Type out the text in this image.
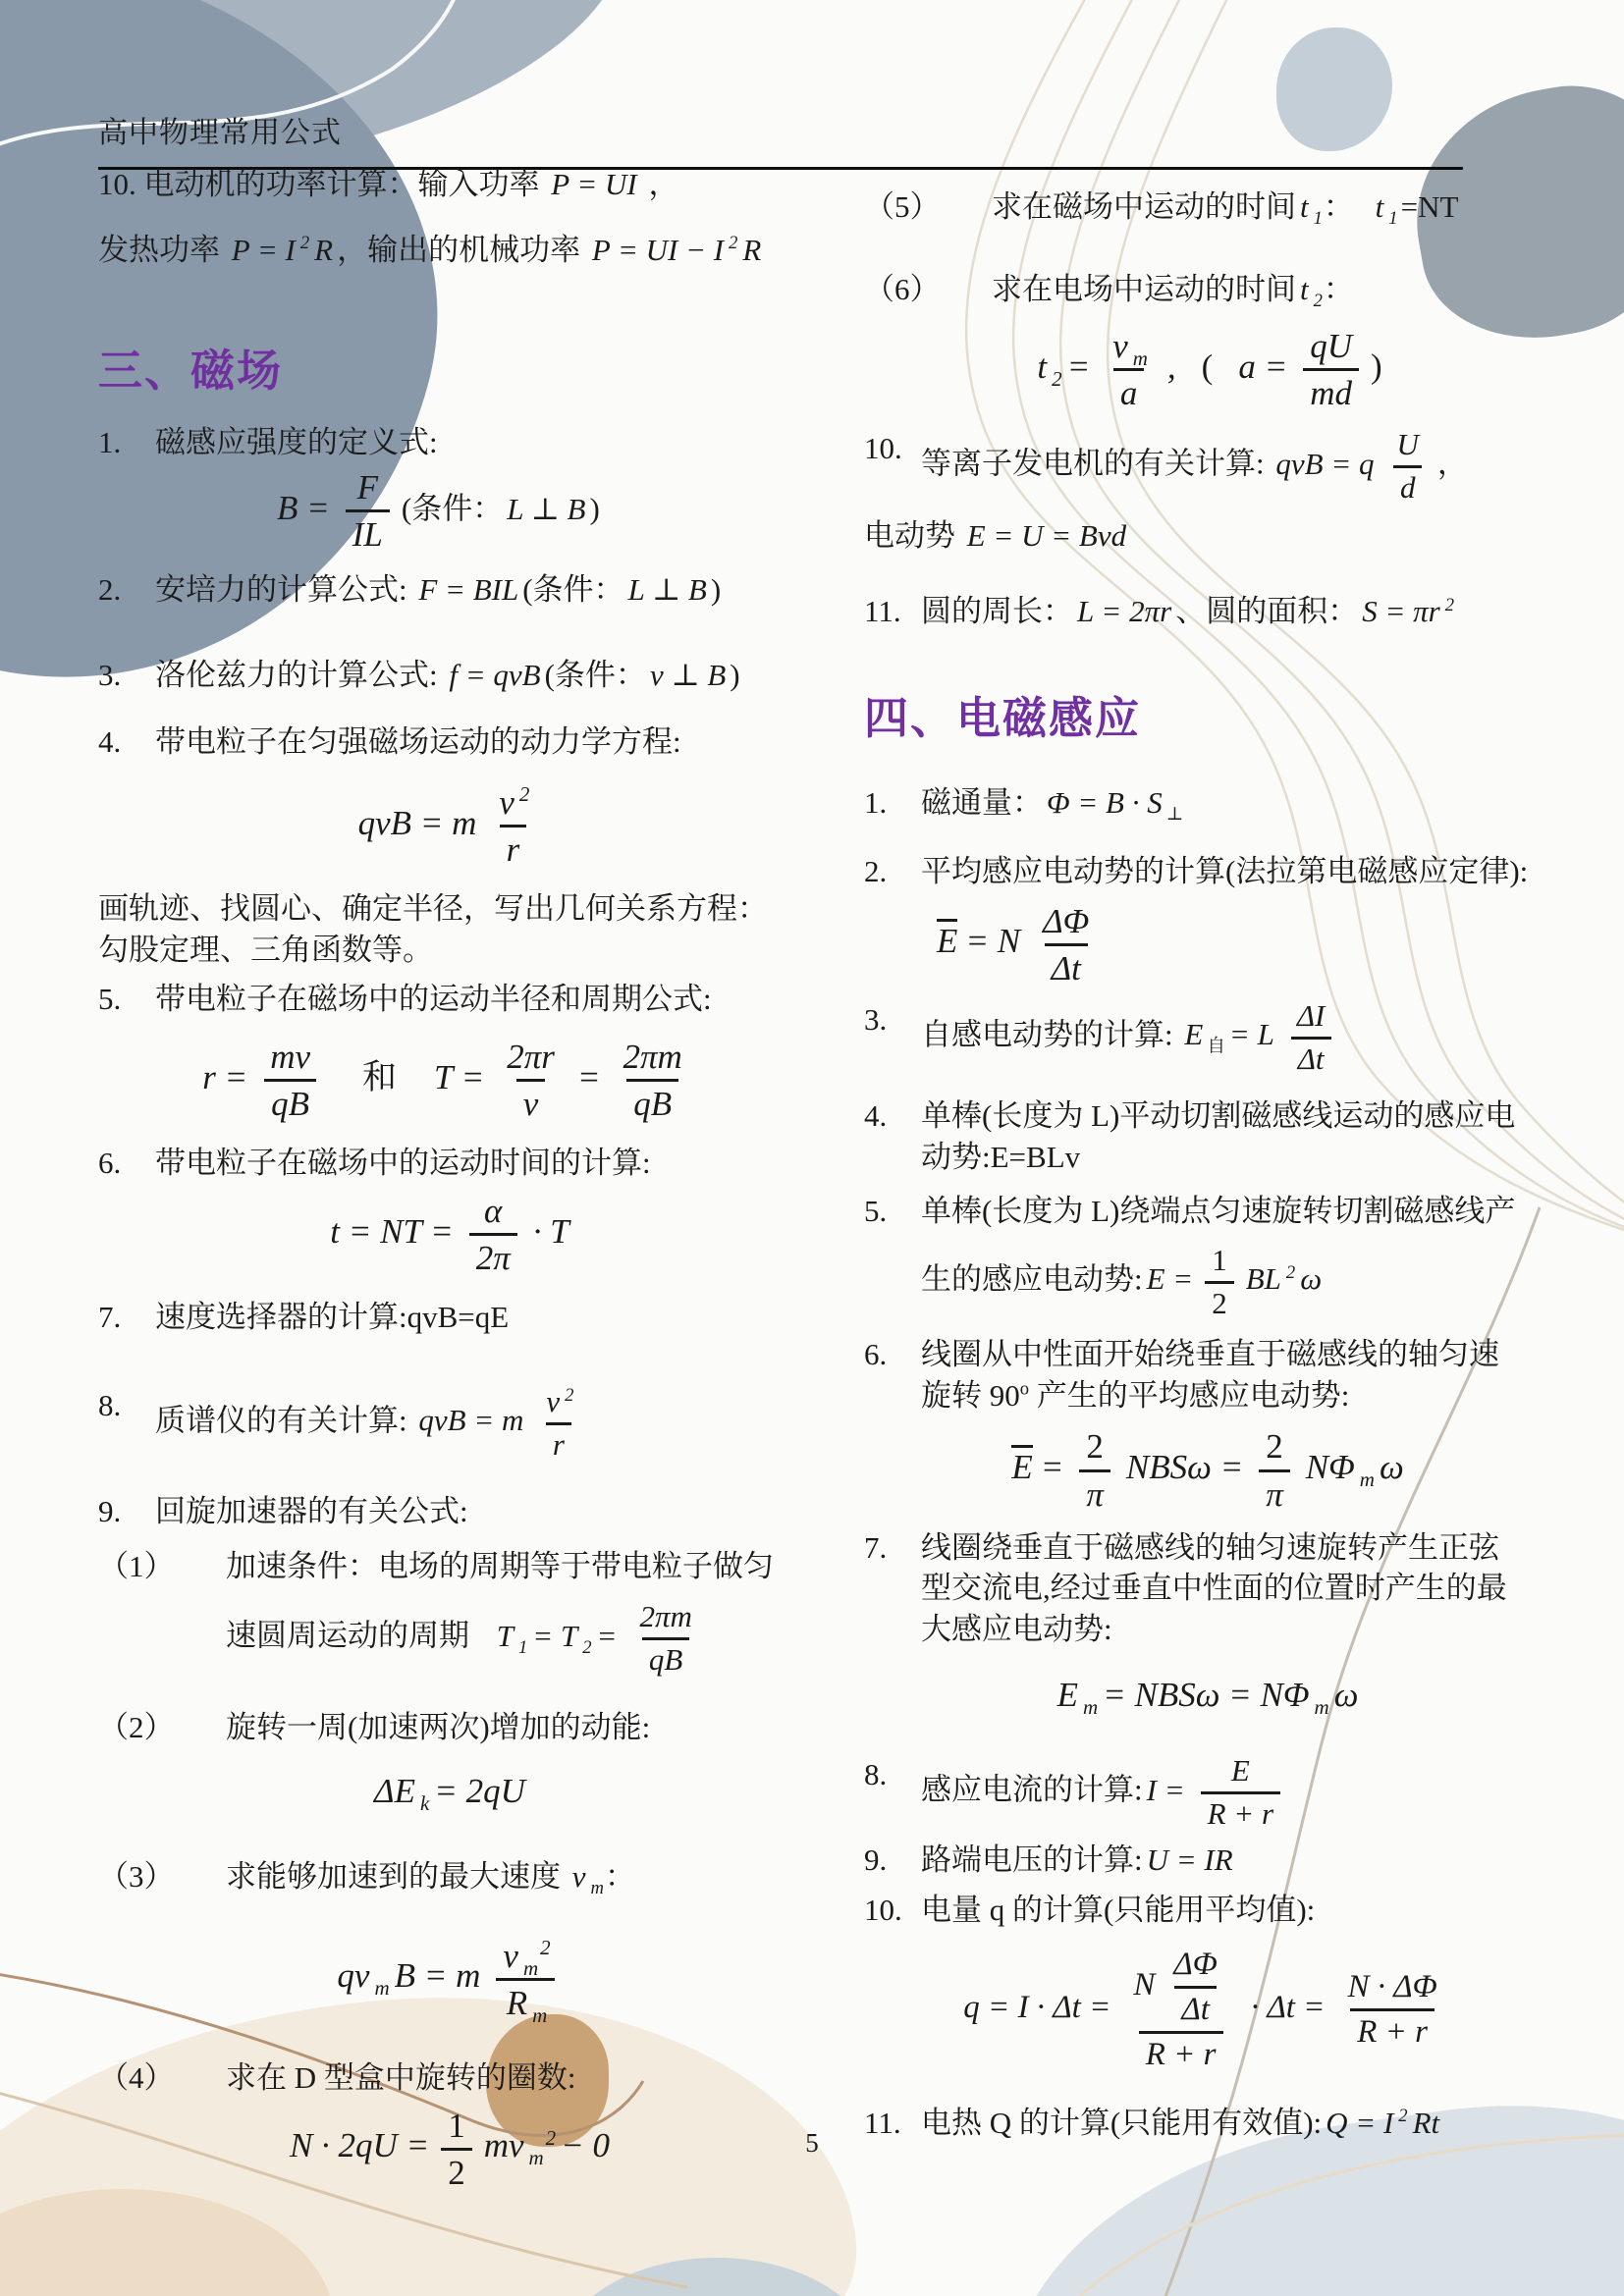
高中物理常用公式
10. 电动机的功率计算：输入功率 P = UI ，
发热功率 P = I $^2$ R ，输出的机械功率 P = UI − I $^2$ R
三、磁场
1.	磁感应强度的定义式:
$B = \frac{F}{IL}$ (条件： L ⊥ B )
2.	安培力的计算公式: F = BIL (条件： L ⊥ B )
3.	洛伦兹力的计算公式: f = qvB (条件： v ⊥ B )
4.	带电粒子在匀强磁场运动的动力学方程:
qvB = m $\frac{v ^2}{r}$
画轨迹、找圆心、确定半径，写出几何关系方程：
勾股定理、三角函数等。
5.	带电粒子在磁场中的运动半径和周期公式:
$r = \frac{mv}{qB}$ 和 $T = \frac{2\pi r}{v} = \frac{2\pi m}{qB}$
6.	带电粒子在磁场中的运动时间的计算:
t = NT = $\frac{\alpha}{2\pi} \cdot T$
7.	速度选择器的计算:qvB=qE
8.	质谱仪的有关计算: qvB = m $\frac{v ^2}{r}$
9.	回旋加速器的有关公式:
（1）	加速条件：电场的周期等于带电粒子做匀
速圆周运动的周期 T $_1$ = T $_2 = \frac{2\pi m}{qB}$
（2）	旋转一周(加速两次)增加的动能:
ΔE $_k$ = 2qU
（3）	求能够加速到的最大速度 v $_m$：
qv $_m$ B = m $\frac{v _m^2}{R _m}$
（4）	求在 D 型盒中旋转的圈数:
$N \cdot 2qU = \frac{1}{2}$ mv $_m^2$ − 0
（5）	求在磁场中运动的时间 t $_1$： t $_1$=NT
（6）	求在电场中运动的时间 t $_2$：
t $_2 = \frac{v _m}{a}$ , ( $a = \frac{qU}{md}$ )
10. 等离子发电机的有关计算: qvB = q $\frac{U}{d}$ ，
电动势 E = U = Bvd
11. 圆的周长： L = 2πr 、圆的面积： S = πr $^2$
四、电磁感应
1.	磁通量： Φ = B · S $_\perp$
2.	平均感应电动势的计算(法拉第电磁感应定律):
E = N $\frac{\Delta\Phi}{\Delta t}$
3.	自感电动势的计算: E $_自$ = L $\frac{\Delta I}{\Delta t}$
4.	单棒(长度为 L)平动切割磁感线运动的感应电
动势:E=BLv
5.	单棒(长度为 L)绕端点匀速旋转切割磁感线产
生的感应电动势: $E = \frac{1}{2}$ BL $^2$ ω
6.	线圈从中性面开始绕垂直于磁感线的轴匀速
旋转 90$^o$ 产生的平均感应电动势:
$E = \frac{2}{\pi}$ $NBS\omega = \frac{2}{\pi}$ NΦ $_m$ ω
7.	线圈绕垂直于磁感线的轴匀速旋转产生正弦
型交流电,经过垂直中性面的位置时产生的最
大感应电动势:
E $_m$ = NBSω = NΦ $_m$ ω
8.	感应电流的计算: $I = \frac{E}{R + r}$
9.	路端电压的计算: U = IR
10. 电量 q 的计算(只能用平均值):
$q = I \cdot \Delta t = \frac{N \frac{\Delta\Phi}{\Delta t}}{R + r} \cdot \Delta t = \frac{N \cdot \Delta\Phi}{R + r}$
11. 电热 Q 的计算(只能用有效值): Q = I $^2$ Rt
5
